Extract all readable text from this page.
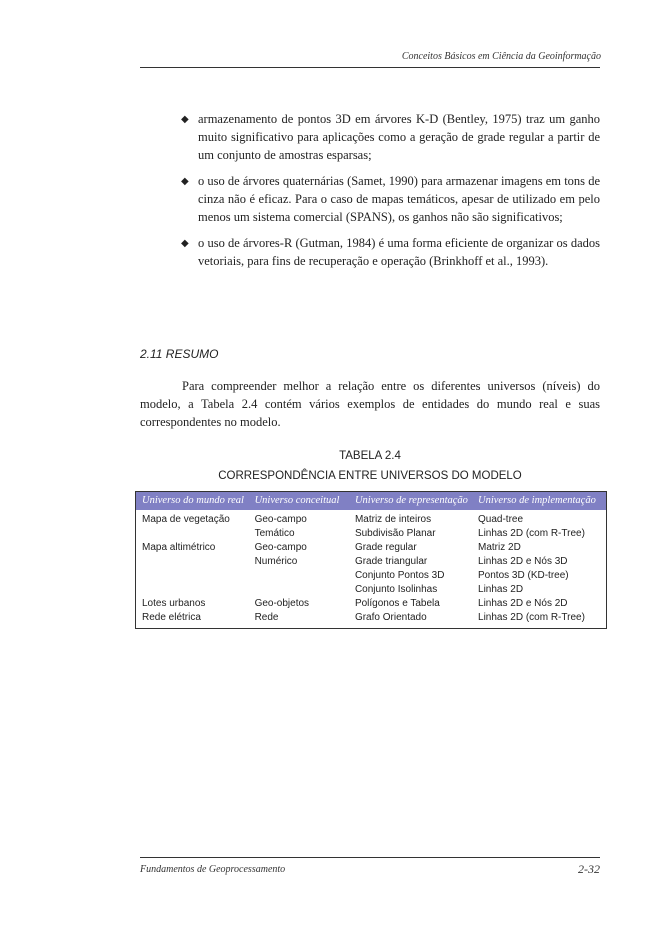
Conceitos Básicos em Ciência da Geoinformação
◆ armazenamento de pontos 3D em árvores K-D (Bentley, 1975) traz um ganho muito significativo para aplicações como a geração de grade regular a partir de um conjunto de amostras esparsas;
◆ o uso de árvores quaternárias (Samet, 1990) para armazenar imagens em tons de cinza não é eficaz. Para o caso de mapas temáticos, apesar de utilizado em pelo menos um sistema comercial (SPANS), os ganhos não são significativos;
◆ o uso de árvores-R (Gutman, 1984) é uma forma eficiente de organizar os dados vetoriais, para fins de recuperação e operação (Brinkhoff et al., 1993).
2.11 RESUMO

Para compreender melhor a relação entre os diferentes universos (níveis) do modelo, a Tabela 2.4 contém vários exemplos de entidades do mundo real e suas correspondentes no modelo.

TABELA 2.4
CORRESPONDÊNCIA ENTRE UNIVERSOS DO MODELO
Universo do mundo real	Universo conceitual	Universo de representação	Universo de implementação
Mapa de vegetação	Geo-campo	Matriz de inteiros	Quad-tree
	Temático	Subdivisão Planar	Linhas 2D (com R-Tree)
Mapa altimétrico	Geo-campo	Grade regular	Matriz 2D
	Numérico	Grade triangular	Linhas 2D e Nós 3D
		Conjunto Pontos 3D	Pontos 3D (KD-tree)
		Conjunto Isolinhas	Linhas 2D
Lotes urbanos	Geo-objetos	Polígonos e Tabela	Linhas 2D e Nós 2D
Rede elétrica	Rede	Grafo Orientado	Linhas 2D (com R-Tree)
Fundamentos de Geoprocessamento	2-32
